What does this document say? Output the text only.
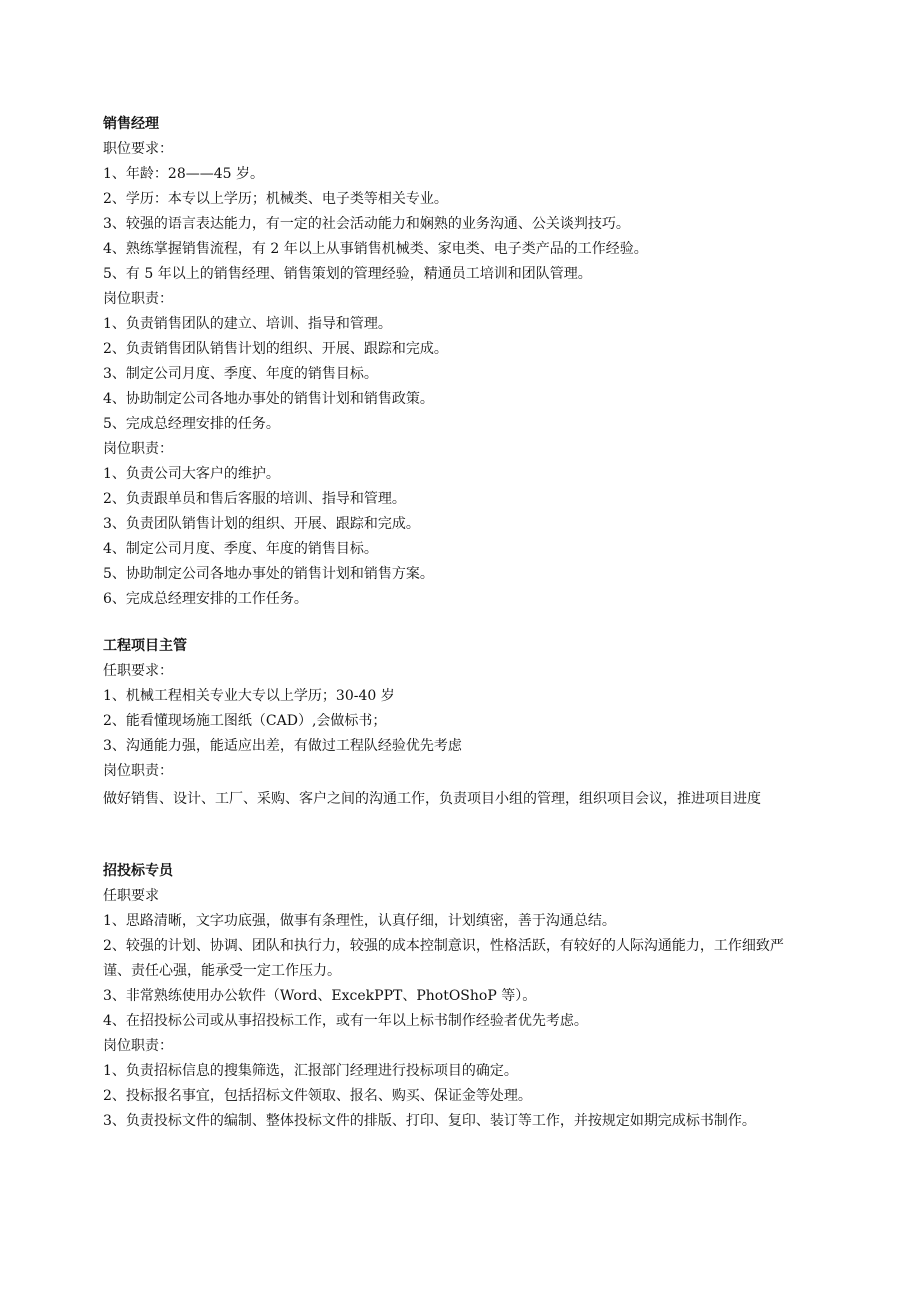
销售经理
职位要求：
1、年龄：28——45 岁。
2、学历：本专以上学历；机械类、电子类等相关专业。
3、较强的语言表达能力，有一定的社会活动能力和娴熟的业务沟通、公关谈判技巧。
4、熟练掌握销售流程，有 2 年以上从事销售机械类、家电类、电子类产品的工作经验。
5、有 5 年以上的销售经理、销售策划的管理经验，精通员工培训和团队管理。
岗位职责：
1、负责销售团队的建立、培训、指导和管理。
2、负责销售团队销售计划的组织、开展、跟踪和完成。
3、制定公司月度、季度、年度的销售目标。
4、协助制定公司各地办事处的销售计划和销售政策。
5、完成总经理安排的任务。
岗位职责：
1、负责公司大客户的维护。
2、负责跟单员和售后客服的培训、指导和管理。
3、负责团队销售计划的组织、开展、跟踪和完成。
4、制定公司月度、季度、年度的销售目标。
5、协助制定公司各地办事处的销售计划和销售方案。
6、完成总经理安排的工作任务。
工程项目主管
任职要求：
1、机械工程相关专业大专以上学历；30-40 岁
2、能看懂现场施工图纸（CAD）,会做标书；
3、沟通能力强，能适应出差，有做过工程队经验优先考虑
岗位职责：
做好销售、设计、工厂、采购、客户之间的沟通工作，负责项目小组的管理，组织项目会议，推进项目进度
招投标专员
任职要求
1、思路清晰，文字功底强，做事有条理性，认真仔细，计划缜密，善于沟通总结。
2、较强的计划、协调、团队和执行力，较强的成本控制意识，性格活跃，有较好的人际沟通能力，工作细致严谨、责任心强，能承受一定工作压力。
3、非常熟练使用办公软件（Word、ExcekPPT、PhotOShoP 等）。
4、在招投标公司或从事招投标工作，或有一年以上标书制作经验者优先考虑。
岗位职责：
1、负责招标信息的搜集筛选，汇报部门经理进行投标项目的确定。
2、投标报名事宜，包括招标文件领取、报名、购买、保证金等处理。
3、负责投标文件的编制、整体投标文件的排版、打印、复印、装订等工作，并按规定如期完成标书制作。
